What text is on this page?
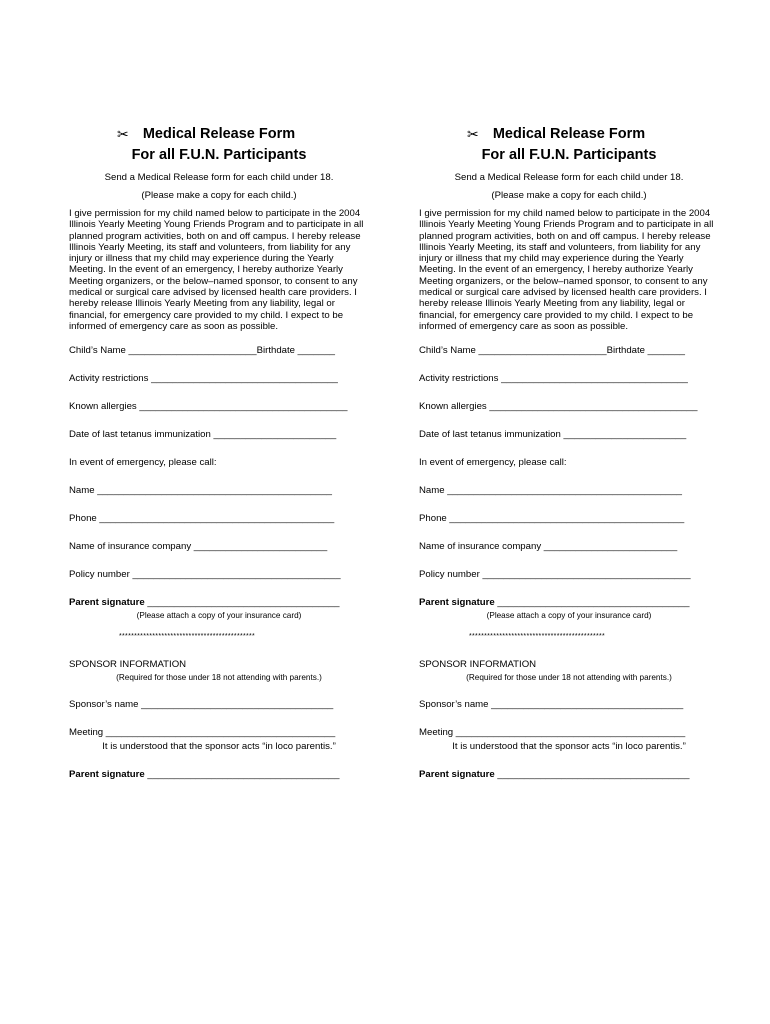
✂ Medical Release Form
For all F.U.N. Participants
Send a Medical Release form for each child under 18.
(Please make a copy for each child.)
I give permission for my child named below to participate in the 2004 Illinois Yearly Meeting Young Friends Program and to participate in all planned program activities, both on and off campus. I hereby release Illinois Yearly Meeting, its staff and volunteers, from liability for any injury or illness that my child may experience during the Yearly Meeting. In the event of an emergency, I hereby authorize Yearly Meeting organizers, or the below–named sponsor, to consent to any medical or surgical care advised by licensed health care providers. I hereby release Illinois Yearly Meeting from any liability, legal or financial, for emergency care provided to my child. I expect to be informed of emergency care as soon as possible.
Child’s Name ________________________Birthdate _______
Activity restrictions ___________________________________
Known allergies _______________________________________
Date of last tetanus immunization _______________________
In event of emergency, please call:
Name ____________________________________________
Phone ____________________________________________
Name of insurance company _________________________
Policy number _______________________________________
Parent signature ____________________________________
(Please attach a copy of your insurance card)
*********************************************
SPONSOR INFORMATION
(Required for those under 18 not attending with parents.)
Sponsor’s name ____________________________________
Meeting ___________________________________________
It is understood that the sponsor acts “in loco parentis.”
Parent signature ____________________________________
✂ Medical Release Form
For all F.U.N. Participants
Send a Medical Release form for each child under 18.
(Please make a copy for each child.)
I give permission for my child named below to participate in the 2004 Illinois Yearly Meeting Young Friends Program and to participate in all planned program activities, both on and off campus. I hereby release Illinois Yearly Meeting, its staff and volunteers, from liability for any injury or illness that my child may experience during the Yearly Meeting. In the event of an emergency, I hereby authorize Yearly Meeting organizers, or the below–named sponsor, to consent to any medical or surgical care advised by licensed health care providers. I hereby release Illinois Yearly Meeting from any liability, legal or financial, for emergency care provided to my child. I expect to be informed of emergency care as soon as possible.
Child’s Name ________________________Birthdate _______
Activity restrictions ___________________________________
Known allergies _______________________________________
Date of last tetanus immunization _______________________
In event of emergency, please call:
Name ____________________________________________
Phone ____________________________________________
Name of insurance company _________________________
Policy number _______________________________________
Parent signature ____________________________________
(Please attach a copy of your insurance card)
*********************************************
SPONSOR INFORMATION
(Required for those under 18 not attending with parents.)
Sponsor’s name ____________________________________
Meeting ___________________________________________
It is understood that the sponsor acts “in loco parentis.”
Parent signature ____________________________________
